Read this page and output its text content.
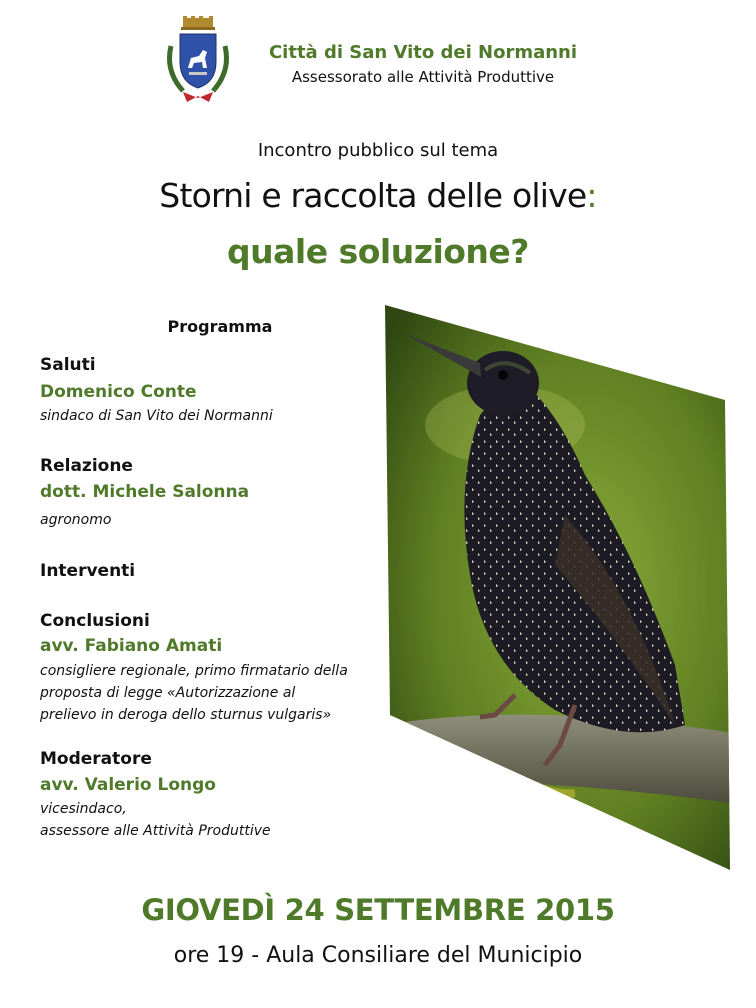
Città di San Vito dei Normanni
Assessorato alle Attività Produttive
Incontro pubblico sul tema
Storni e raccolta delle olive:
quale soluzione?
Programma
Saluti
Domenico Conte
sindaco di San Vito dei Normanni
Relazione
dott. Michele Salonna
agronomo
Interventi
Conclusioni
avv. Fabiano Amati
consigliere regionale, primo firmatario della
proposta di legge «Autorizzazione al
prelievo in deroga dello sturnus vulgaris»
Moderatore
avv. Valerio Longo
vicesindaco,
assessore alle Attività Produttive
GIOVEDÌ 24 SETTEMBRE 2015
ore 19 - Aula Consiliare del Municipio
